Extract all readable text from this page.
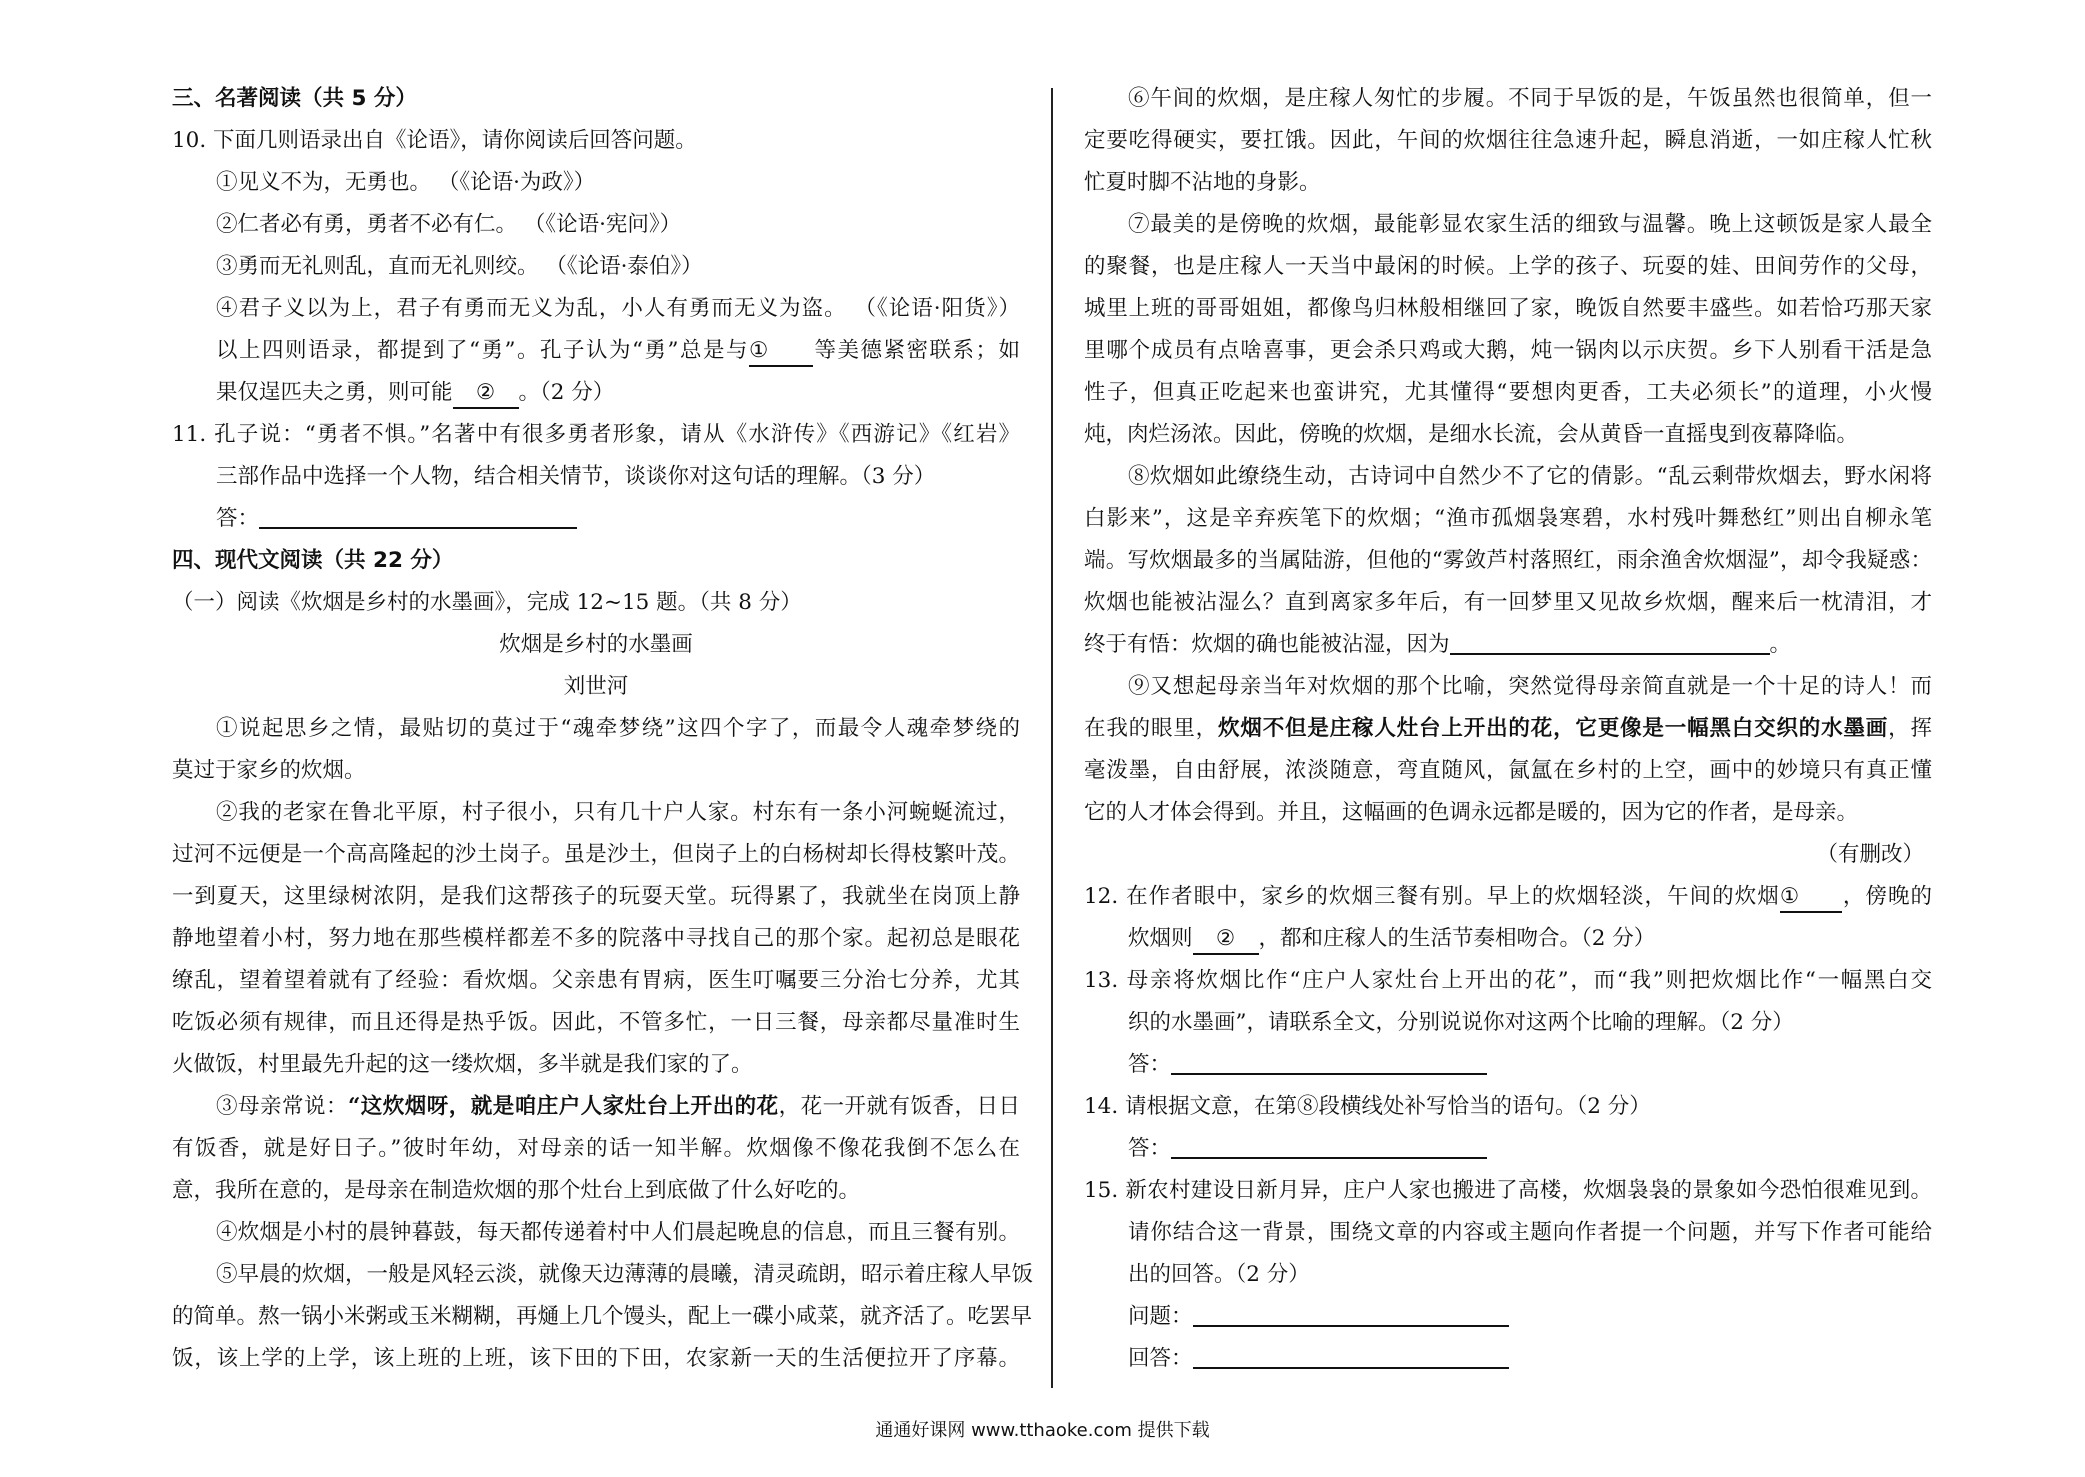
三、名著阅读（共 5 分）
10. 下面几则语录出自《论语》，请你阅读后回答问题。
①见义不为，无勇也。 （《论语·为政》）
②仁者必有勇，勇者不必有仁。 （《论语·宪问》）
③勇而无礼则乱，直而无礼则绞。 （《论语·泰伯》）
④君子义以为上，君子有勇而无义为乱，小人有勇而无义为盗。 （《论语·阳货》）
以上四则语录，都提到了“勇”。孔子认为“勇”总是与① 等美德紧密联系；如
果仅逞匹夫之勇，则可能 ② 。（2 分）
11. 孔子说：“勇者不惧。”名著中有很多勇者形象，请从《水浒传》《西游记》《红岩》
三部作品中选择一个人物，结合相关情节，谈谈你对这句话的理解。（3 分）
答：
四、现代文阅读（共 22 分）
（一）阅读《炊烟是乡村的水墨画》，完成 12~15 题。（共 8 分）
炊烟是乡村的水墨画
刘世河
①说起思乡之情，最贴切的莫过于“魂牵梦绕”这四个字了，而最令人魂牵梦绕的
莫过于家乡的炊烟。
②我的老家在鲁北平原，村子很小，只有几十户人家。村东有一条小河蜿蜒流过，
过河不远便是一个高高隆起的沙土岗子。虽是沙土，但岗子上的白杨树却长得枝繁叶茂。
一到夏天，这里绿树浓阴，是我们这帮孩子的玩耍天堂。玩得累了，我就坐在岗顶上静
静地望着小村，努力地在那些模样都差不多的院落中寻找自己的那个家。起初总是眼花
缭乱，望着望着就有了经验：看炊烟。父亲患有胃病，医生叮嘱要三分治七分养，尤其
吃饭必须有规律，而且还得是热乎饭。因此，不管多忙，一日三餐，母亲都尽量准时生
火做饭，村里最先升起的这一缕炊烟，多半就是我们家的了。
③母亲常说：“这炊烟呀，就是咱庄户人家灶台上开出的花，花一开就有饭香，日日
有饭香，就是好日子。”彼时年幼，对母亲的话一知半解。炊烟像不像花我倒不怎么在
意，我所在意的，是母亲在制造炊烟的那个灶台上到底做了什么好吃的。
④炊烟是小村的晨钟暮鼓，每天都传递着村中人们晨起晚息的信息，而且三餐有别。
⑤早晨的炊烟，一般是风轻云淡，就像天边薄薄的晨曦，清灵疏朗，昭示着庄稼人早饭
的简单。熬一锅小米粥或玉米糊糊，再熥上几个馒头，配上一碟小咸菜，就齐活了。吃罢早
饭，该上学的上学，该上班的上班，该下田的下田，农家新一天的生活便拉开了序幕。
⑥午间的炊烟，是庄稼人匆忙的步履。不同于早饭的是，午饭虽然也很简单，但一
定要吃得硬实，要扛饿。因此，午间的炊烟往往急速升起，瞬息消逝，一如庄稼人忙秋
忙夏时脚不沾地的身影。
⑦最美的是傍晚的炊烟，最能彰显农家生活的细致与温馨。晚上这顿饭是家人最全
的聚餐，也是庄稼人一天当中最闲的时候。上学的孩子、玩耍的娃、田间劳作的父母，
城里上班的哥哥姐姐，都像鸟归林般相继回了家，晚饭自然要丰盛些。如若恰巧那天家
里哪个成员有点啥喜事，更会杀只鸡或大鹅，炖一锅肉以示庆贺。乡下人别看干活是急
性子，但真正吃起来也蛮讲究，尤其懂得“要想肉更香，工夫必须长”的道理，小火慢
炖，肉烂汤浓。因此，傍晚的炊烟，是细水长流，会从黄昏一直摇曳到夜幕降临。
⑧炊烟如此缭绕生动，古诗词中自然少不了它的倩影。“乱云剩带炊烟去，野水闲将
白影来”，这是辛弃疾笔下的炊烟；“渔市孤烟袅寒碧，水村残叶舞愁红”则出自柳永笔
端。写炊烟最多的当属陆游，但他的“雾敛芦村落照红，雨余渔舍炊烟湿”，却令我疑惑：
炊烟也能被沾湿么？直到离家多年后，有一回梦里又见故乡炊烟，醒来后一枕清泪，才
终于有悟：炊烟的确也能被沾湿，因为	。
⑨又想起母亲当年对炊烟的那个比喻，突然觉得母亲简直就是一个十足的诗人！而
在我的眼里，炊烟不但是庄稼人灶台上开出的花，它更像是一幅黑白交织的水墨画，挥
毫泼墨，自由舒展，浓淡随意，弯直随风，氤氲在乡村的上空，画中的妙境只有真正懂
它的人才体会得到。并且，这幅画的色调永远都是暖的，因为它的作者，是母亲。
（有删改）
12. 在作者眼中，家乡的炊烟三餐有别。早上的炊烟轻淡，午间的炊烟① ，傍晚的
炊烟则 ② ，都和庄稼人的生活节奏相吻合。（2 分）
13. 母亲将炊烟比作“庄户人家灶台上开出的花”，而“我”则把炊烟比作“一幅黑白交
织的水墨画”，请联系全文，分别说说你对这两个比喻的理解。（2 分）
答：
14. 请根据文意，在第⑧段横线处补写恰当的语句。（2 分）
答：
15. 新农村建设日新月异，庄户人家也搬进了高楼，炊烟袅袅的景象如今恐怕很难见到。
请你结合这一背景，围绕文章的内容或主题向作者提一个问题，并写下作者可能给
出的回答。（2 分）
问题：
回答：
通通好课网 www.tthaoke.com 提供下载
